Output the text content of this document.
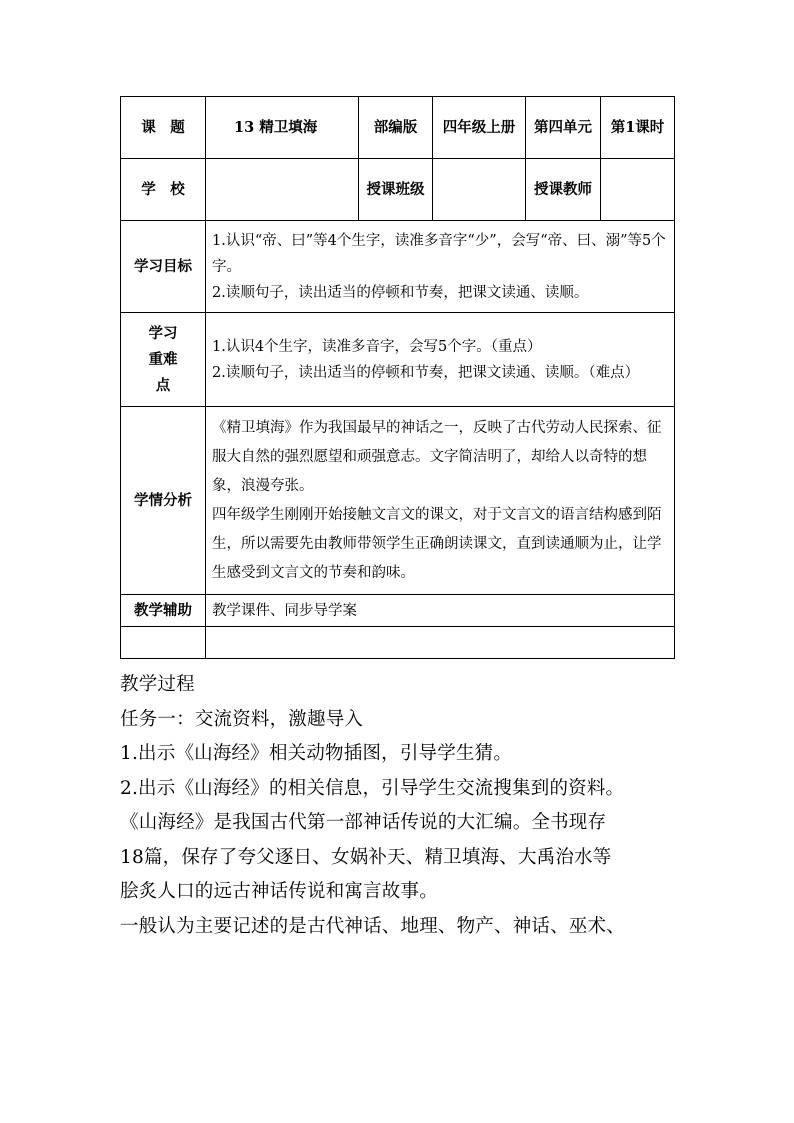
课　题	13 精卫填海	部编版	四年级上册	第四单元	第1课时
学　校		授课班级		授课教师	
学习目标	1.认识“帝、曰”等4个生字，读准多音字“少”，会写“帝、曰、溺”等5个字。
2.读顺句子，读出适当的停顿和节奏，把课文读通、读顺。				

学习重难点	1.认识4个生字，读准多音字，会写5个字。（重点）
2.读顺句子，读出适当的停顿和节奏，把课文读通、读顺。（难点）				

学情分析	《精卫填海》作为我国最早的神话之一，反映了古代劳动人民探索、征服大自然的强烈愿望和顽强意志。文字简洁明了，却给人以奇特的想象，浪漫夸张。
四年级学生刚刚开始接触文言文的课文，对于文言文的语言结构感到陌生，所以需要先由教师带领学生正确朗读课文，直到读通顺为止，让学生感受到文言文的节奏和韵味。				

教学辅助	教学课件、同步导学案				

教学过程

任务一：交流资料，激趣导入

1.出示《山海经》相关动物插图，引导学生猜。

2.出示《山海经》的相关信息，引导学生交流搜集到的资料。

《山海经》是我国古代第一部神话传说的大汇编。全书现存

18篇，保存了夸父逐日、女娲补天、精卫填海、大禹治水等

脍炙人口的远古神话传说和寓言故事。

一般认为主要记述的是古代神话、地理、物产、神话、巫术、
